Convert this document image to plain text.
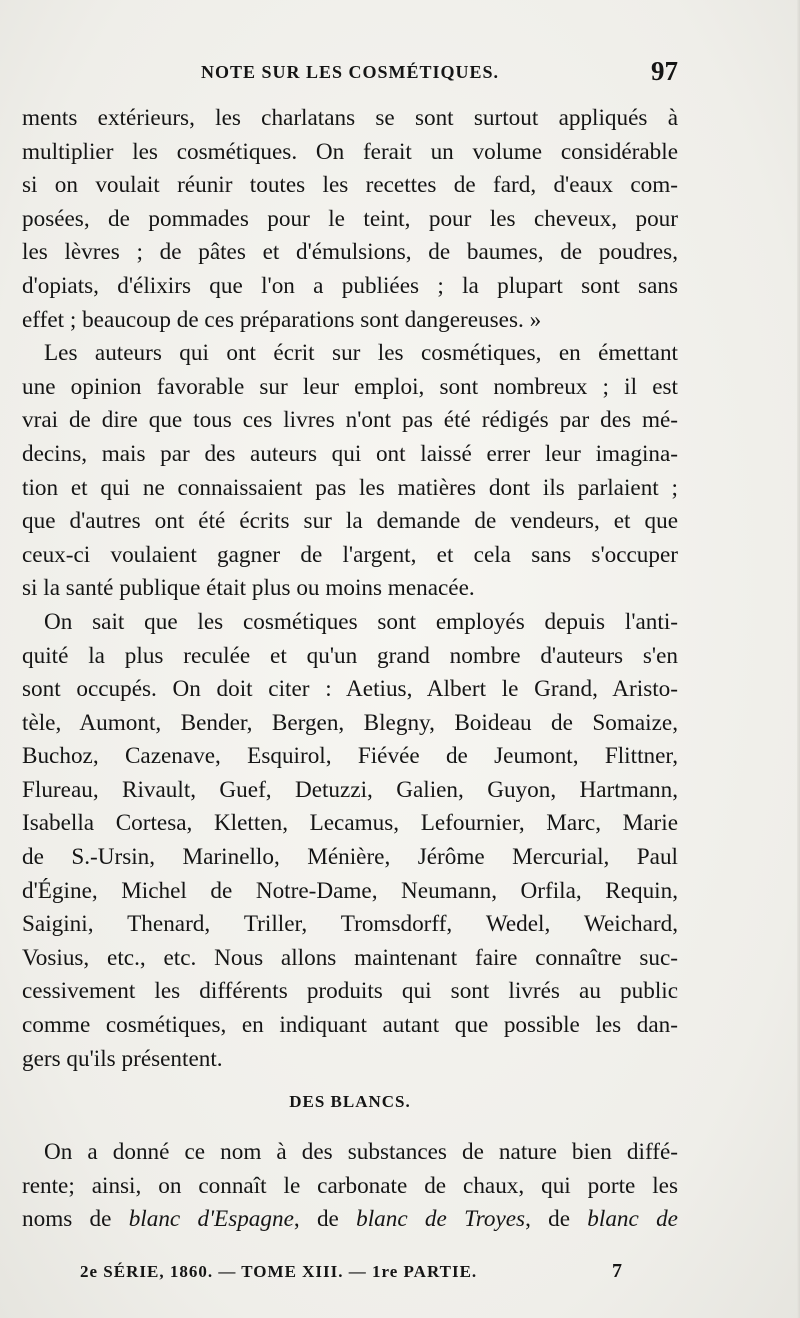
NOTE SUR LES COSMÉTIQUES.	97
ments extérieurs, les charlatans se sont surtout appliqués à
multiplier les cosmétiques. On ferait un volume considérable
si on voulait réunir toutes les recettes de fard, d'eaux com-
posées, de pommades pour le teint, pour les cheveux, pour
les lèvres ; de pâtes et d'émulsions, de baumes, de poudres,
d'opiats, d'élixirs que l'on a publiées ; la plupart sont sans
effet ; beaucoup de ces préparations sont dangereuses. »
Les auteurs qui ont écrit sur les cosmétiques, en émettant
une opinion favorable sur leur emploi, sont nombreux ; il est
vrai de dire que tous ces livres n'ont pas été rédigés par des mé-
decins, mais par des auteurs qui ont laissé errer leur imagina-
tion et qui ne connaissaient pas les matières dont ils parlaient ;
que d'autres ont été écrits sur la demande de vendeurs, et que
ceux-ci voulaient gagner de l'argent, et cela sans s'occuper
si la santé publique était plus ou moins menacée.
On sait que les cosmétiques sont employés depuis l'anti-
quité la plus reculée et qu'un grand nombre d'auteurs s'en
sont occupés. On doit citer : Aetius, Albert le Grand, Aristo-
tèle, Aumont, Bender, Bergen, Blegny, Boideau de Somaize,
Buchoz, Cazenave, Esquirol, Fiévée de Jeumont, Flittner,
Flureau, Rivault, Guef, Detuzzi, Galien, Guyon, Hartmann,
Isabella Cortesa, Kletten, Lecamus, Lefournier, Marc, Marie
de S.-Ursin, Marinello, Ménière, Jérôme Mercurial, Paul
d'Égine, Michel de Notre-Dame, Neumann, Orfila, Requin,
Saigini, Thenard, Triller, Tromsdorff, Wedel, Weichard,
Vosius, etc., etc. Nous allons maintenant faire connaître suc-
cessivement les différents produits qui sont livrés au public
comme cosmétiques, en indiquant autant que possible les dan-
gers qu'ils présentent.
DES BLANCS.
On a donné ce nom à des substances de nature bien diffé-
rente; ainsi, on connaît le carbonate de chaux, qui porte les
noms de blanc d'Espagne, de blanc de Troyes, de blanc de
2e SÉRIE, 1860. — TOME XIII. — 1re PARTIE.	7
